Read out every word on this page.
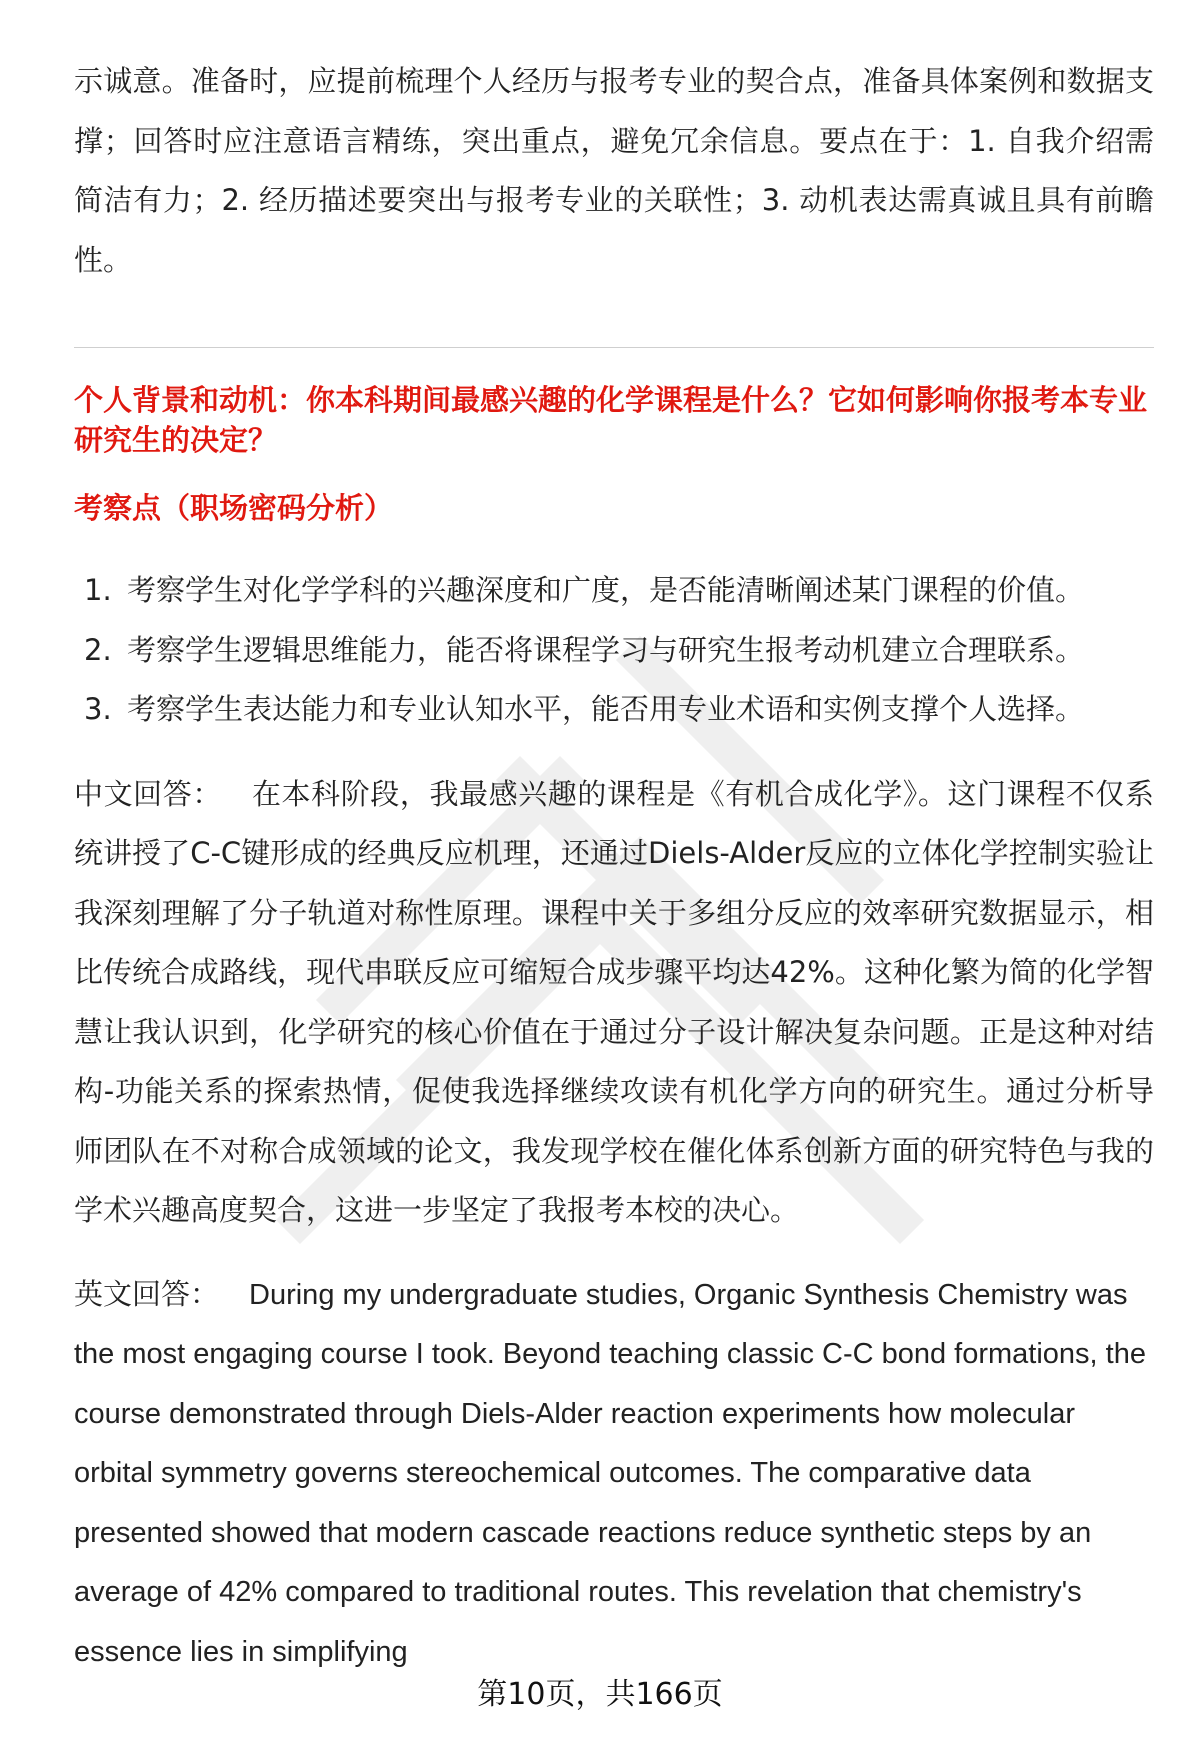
示诚意。准备时，应提前梳理个人经历与报考专业的契合点，准备具体案例和数据支撑；回答时应注意语言精练，突出重点，避免冗余信息。要点在于：1. 自我介绍需简洁有力；2. 经历描述要突出与报考专业的关联性；3. 动机表达需真诚且具有前瞻性。

个人背景和动机：你本科期间最感兴趣的化学课程是什么？它如何影响你报考本专业研究生的决定？

考察点（职场密码分析）

1. 考察学生对化学学科的兴趣深度和广度，是否能清晰阐述某门课程的价值。
2. 考察学生逻辑思维能力，能否将课程学习与研究生报考动机建立合理联系。
3. 考察学生表达能力和专业认知水平，能否用专业术语和实例支撑个人选择。

中文回答： 在本科阶段，我最感兴趣的课程是《有机合成化学》。这门课程不仅系统讲授了C-C键形成的经典反应机理，还通过Diels-Alder反应的立体化学控制实验让我深刻理解了分子轨道对称性原理。课程中关于多组分反应的效率研究数据显示，相比传统合成路线，现代串联反应可缩短合成步骤平均达42%。这种化繁为简的化学智慧让我认识到，化学研究的核心价值在于通过分子设计解决复杂问题。正是这种对结构-功能关系的探索热情，促使我选择继续攻读有机化学方向的研究生。通过分析导师团队在不对称合成领域的论文，我发现学校在催化体系创新方面的研究特色与我的学术兴趣高度契合，这进一步坚定了我报考本校的决心。

英文回答： During my undergraduate studies, Organic Synthesis Chemistry was the most engaging course I took. Beyond teaching classic C-C bond formations, the course demonstrated through Diels-Alder reaction experiments how molecular orbital symmetry governs stereochemical outcomes. The comparative data presented showed that modern cascade reactions reduce synthetic steps by an average of 42% compared to traditional routes. This revelation that chemistry's essence lies in simplifying

第10页，共166页
